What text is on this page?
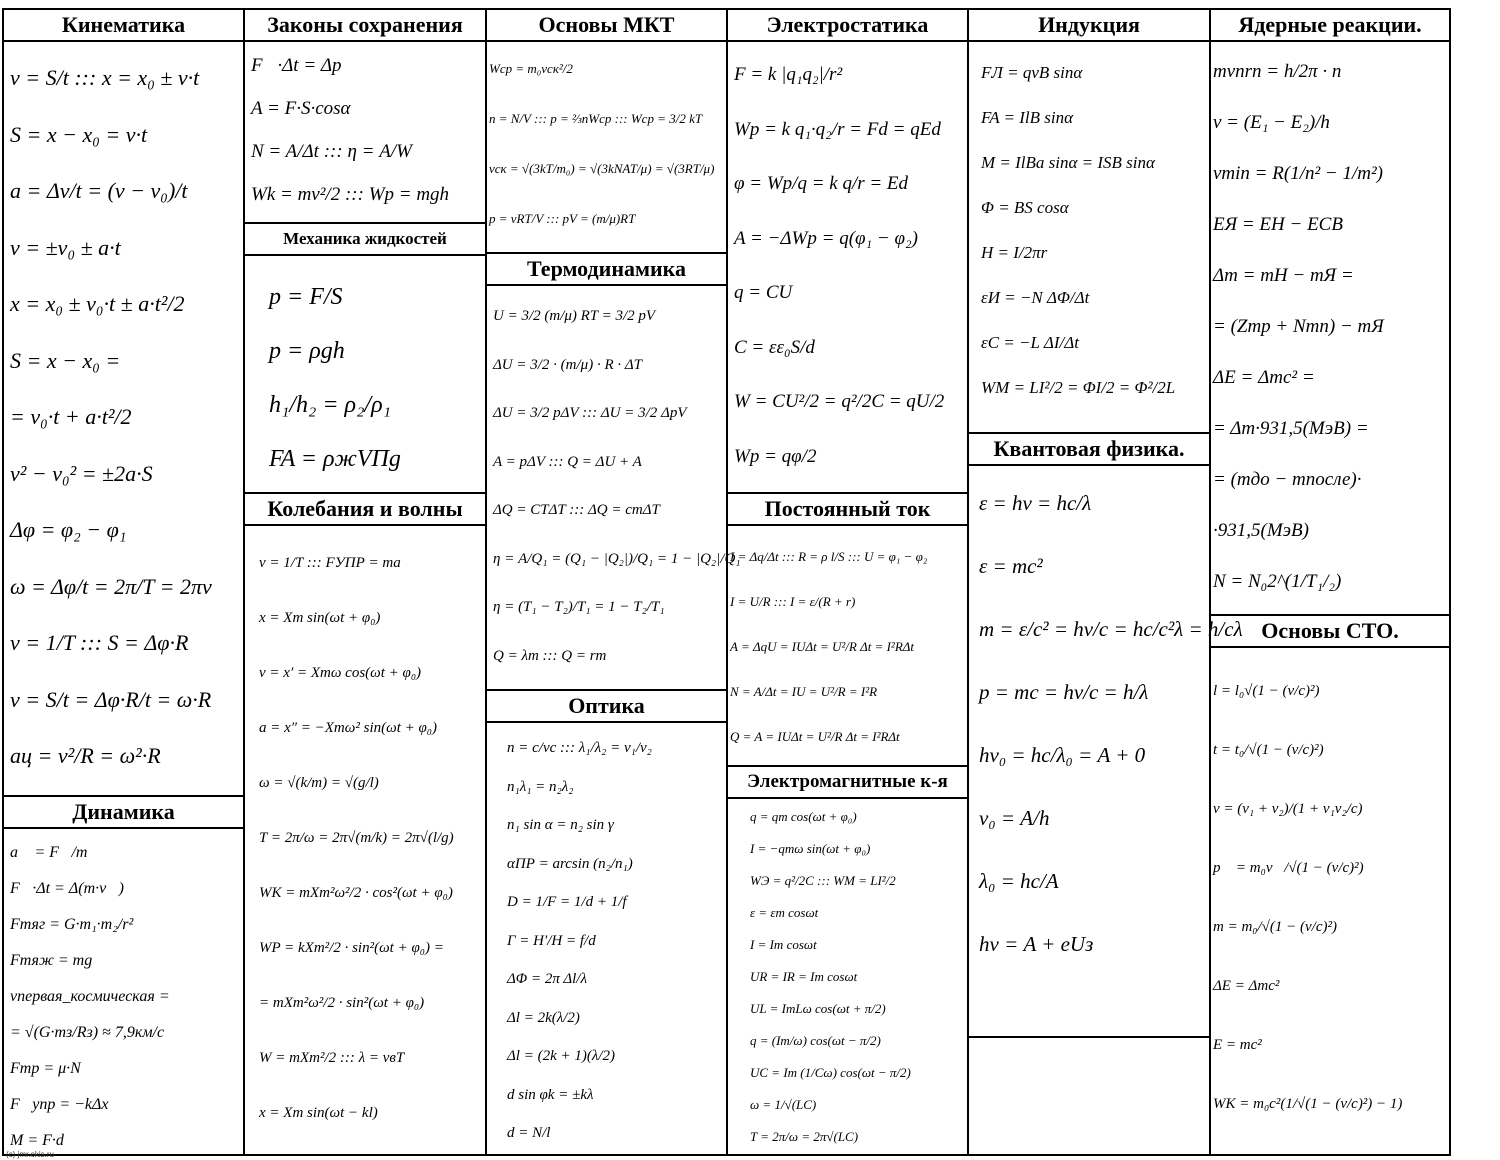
Кинематика
v = S/t ::: x = x₀ ± v·t
S = x − x₀ = v·t
a = Δv/t = (v − v₀)/t
v = ±v₀ ± a·t
x = x₀ ± v₀·t ± a·t²/2
S = x − x₀ =
= v₀·t + a·t²/2
v² − v₀² = ±2a·S
Δφ = φ₂ − φ₁
ω = Δφ/t = 2π/T = 2πν
ν = 1/T ::: S = Δφ·R
v = S/t = Δφ·R/t = ω·R
aц = v²/R = ω²·R
Динамика
a⃗ = F⃗/m
F⃗·Δt = Δ(m·v⃗)
Fтяг = G·m₁·m₂/r²
Fтяж = mg
vпервая_космическая =
= √(G·mз/Rз) ≈ 7,9км/с
Fтр = μ·N
F⃗упр = −kΔx⃗
M = F·d
Законы сохранения
F⃗·Δt = Δp⃗
A = F·S·cosα
N = A/Δt ::: η = A/W
Wk = mv²/2 ::: Wp = mgh
Механика жидкостей
p = F/S
p = ρgh
h₁/h₂ = ρ₂/ρ₁
FA = ρжVПg
Колебания и волны
ν = 1/T ::: FУПР = ma
x = Xm sin(ωt + φ₀)
v = x′ = Xmω cos(ωt + φ₀)
a = x″ = −Xmω² sin(ωt + φ₀)
ω = √(k/m) = √(g/l)
T = 2π/ω = 2π√(m/k) = 2π√(l/g)
WK = mXm²ω²/2 · cos²(ωt + φ₀)
WP = kXm²/2 · sin²(ωt + φ₀) =
= mXm²ω²/2 · sin²(ωt + φ₀)
W = mXm²/2 ::: λ = vвT
x = Xm sin(ωt − kl)
Основы МКТ
Wср = m₀vск²/2
n = N/V ::: p = ⅔nWср ::: Wср = 3/2 kT
vск = √(3kT/m₀) = √(3kNAT/μ) = √(3RT/μ)
p = νRT/V ::: pV = (m/μ)RT
Термодинамика
U = 3/2 (m/μ) RT = 3/2 pV
ΔU = 3/2 · (m/μ) · R · ΔT
ΔU = 3/2 pΔV ::: ΔU = 3/2 ΔpV
A = pΔV ::: Q = ΔU + A
ΔQ = CTΔT ::: ΔQ = cmΔT
η = A/Q₁ = (Q₁ − |Q₂|)/Q₁ = 1 − |Q₂|/Q₁
η = (T₁ − T₂)/T₁ = 1 − T₂/T₁
Q = λm ::: Q = rm
Оптика
n = c/vс ::: λ₁/λ₂ = v₁/v₂
n₁λ₁ = n₂λ₂
n₁ sin α = n₂ sin γ
αПР = arcsin (n₂/n₁)
D = 1/F = 1/d + 1/f
Г = H′/H = f/d
ΔΦ = 2π Δl/λ
Δl = 2k(λ/2)
Δl = (2k + 1)(λ/2)
d sin φk = ±kλ
d = N/l
Электростатика
F = k |q₁q₂|/r²
Wp = k q₁·q₂/r = Fd = qEd
φ = Wp/q = k q/r = Ed
A = −ΔWp = q(φ₁ − φ₂)
q = CU
C = εε₀S/d
W = CU²/2 = q²/2C = qU/2
Wp = qφ/2
Постоянный ток
I = Δq/Δt ::: R = ρ l/S ::: U = φ₁ − φ₂
I = U/R ::: I = ε/(R + r)
A = ΔqU = IUΔt = U²/R Δt = I²RΔt
N = A/Δt = IU = U²/R = I²R
Q = A = IUΔt = U²/R Δt = I²RΔt
Электромагнитные к-я
q = qm cos(ωt + φ₀)
I = −qmω sin(ωt + φ₀)
WЭ = q²/2C ::: WM = LI²/2
ε = εm cosωt
I = Im cosωt
UR = IR = Im cosωt
UL = ImLω cos(ωt + π/2)
q = (Im/ω) cos(ωt − π/2)
UC = Im (1/Cω) cos(ωt − π/2)
ω = 1/√(LC)
T = 2π/ω = 2π√(LC)
Индукция
FЛ = qvB sinα
FA = IlB sinα
M = IlBa sinα = ISB sinα
Φ = BS cosα
H = I/2πr
εИ = −N ΔΦ/Δt
εC = −L ΔI/Δt
WM = LI²/2 = ΦI/2 = Φ²/2L
Квантовая физика.
ε = hν = hc/λ
ε = mc²
m = ε/c² = hν/c = hc/c²λ = h/cλ
p = mc = hν/c = h/λ
hν₀ = hc/λ₀ = A + 0
ν₀ = A/h
λ₀ = hc/A
hν = A + eUз
Ядерные реакции.
mνnrn = h/2π · n
ν = (E₁ − E₂)/h
νmin = R(1/n² − 1/m²)
EЯ = EН − EСВ
Δm = mН − mЯ =
= (Zmp + Nmn) − mЯ
ΔE = Δmc² =
= Δm·931,5(МэВ) =
= (mдо − mпосле)·
·931,5(МэВ)
N = N₀2^(1/T₁/₂)
Основы СТО.
l = l₀√(1 − (v/c)²)
t = t₀/√(1 − (v/c)²)
v = (v₁ + v₂)/(1 + v₁v₂/c)
p⃗ = m₀v⃗/√(1 − (v/c)²)
m = m₀/√(1 − (v/c)²)
ΔE = Δmc²
E = mc²
WK = m₀c²(1/√(1 − (v/c)²) − 1)
(c) jmr.okis.ru
